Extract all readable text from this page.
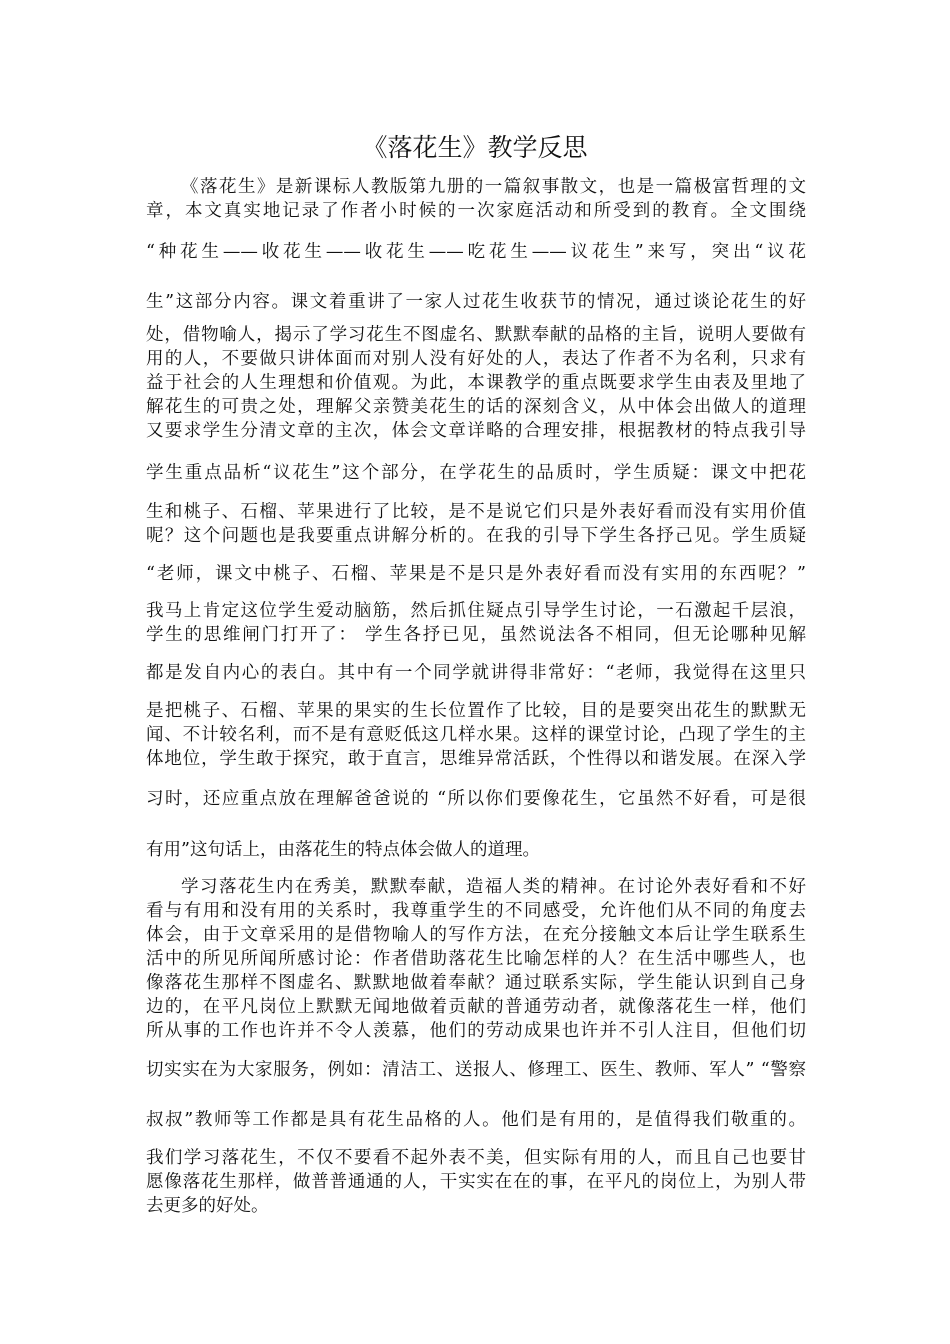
《落花生》教学反思
《落花生》是新课标人教版第九册的一篇叙事散文，也是一篇极富哲理的文
章，本文真实地记录了作者小时候的一次家庭活动和所受到的教育。全文围绕
“种花生——收花生——收花生——吃花生——议花生”来写，突出“议花
生”这部分内容。课文着重讲了一家人过花生收获节的情况，通过谈论花生的好
处，借物喻人，揭示了学习花生不图虚名、默默奉献的品格的主旨，说明人要做有
用的人，不要做只讲体面而对别人没有好处的人，表达了作者不为名利，只求有
益于社会的人生理想和价值观。为此，本课教学的重点既要求学生由表及里地了
解花生的可贵之处，理解父亲赞美花生的话的深刻含义，从中体会出做人的道理
又要求学生分清文章的主次，体会文章详略的合理安排，根据教材的特点我引导
学生重点品析“议花生”这个部分，在学花生的品质时，学生质疑：课文中把花
生和桃子、石榴、苹果进行了比较，是不是说它们只是外表好看而没有实用价值
呢？这个问题也是我要重点讲解分析的。在我的引导下学生各抒己见。学生质疑
“老师，课文中桃子、石榴、苹果是不是只是外表好看而没有实用的东西呢？”
我马上肯定这位学生爱动脑筋，然后抓住疑点引导学生讨论，一石激起千层浪，
学生的思维闸门打开了： 学生各抒已见，虽然说法各不相同，但无论哪种见解
都是发自内心的表白。其中有一个同学就讲得非常好：“老师，我觉得在这里只
是把桃子、石榴、苹果的果实的生长位置作了比较，目的是要突出花生的默默无
闻、不计较名利，而不是有意贬低这几样水果。这样的课堂讨论，凸现了学生的主
体地位，学生敢于探究，敢于直言，思维异常活跃，个性得以和谐发展。在深入学
习时，还应重点放在理解爸爸说的 “所以你们要像花生，它虽然不好看，可是很
有用”这句话上，由落花生的特点体会做人的道理。
学习落花生内在秀美，默默奉献，造福人类的精神。在讨论外表好看和不好
看与有用和没有用的关系时，我尊重学生的不同感受，允许他们从不同的角度去
体会，由于文章采用的是借物喻人的写作方法，在充分接触文本后让学生联系生
活中的所见所闻所感讨论：作者借助落花生比喻怎样的人？在生活中哪些人，也
像落花生那样不图虚名、默默地做着奉献？通过联系实际，学生能认识到自己身
边的，在平凡岗位上默默无闻地做着贡献的普通劳动者，就像落花生一样，他们
所从事的工作也许并不令人羡慕，他们的劳动成果也许并不引人注目，但他们切
切实实在为大家服务，例如：清洁工、送报人、修理工、医生、教师、军人” “警察
叔叔”教师等工作都是具有花生品格的人。他们是有用的，是值得我们敬重的。
我们学习落花生，不仅不要看不起外表不美，但实际有用的人，而且自己也要甘
愿像落花生那样，做普普通通的人，干实实在在的事，在平凡的岗位上，为别人带
去更多的好处。
